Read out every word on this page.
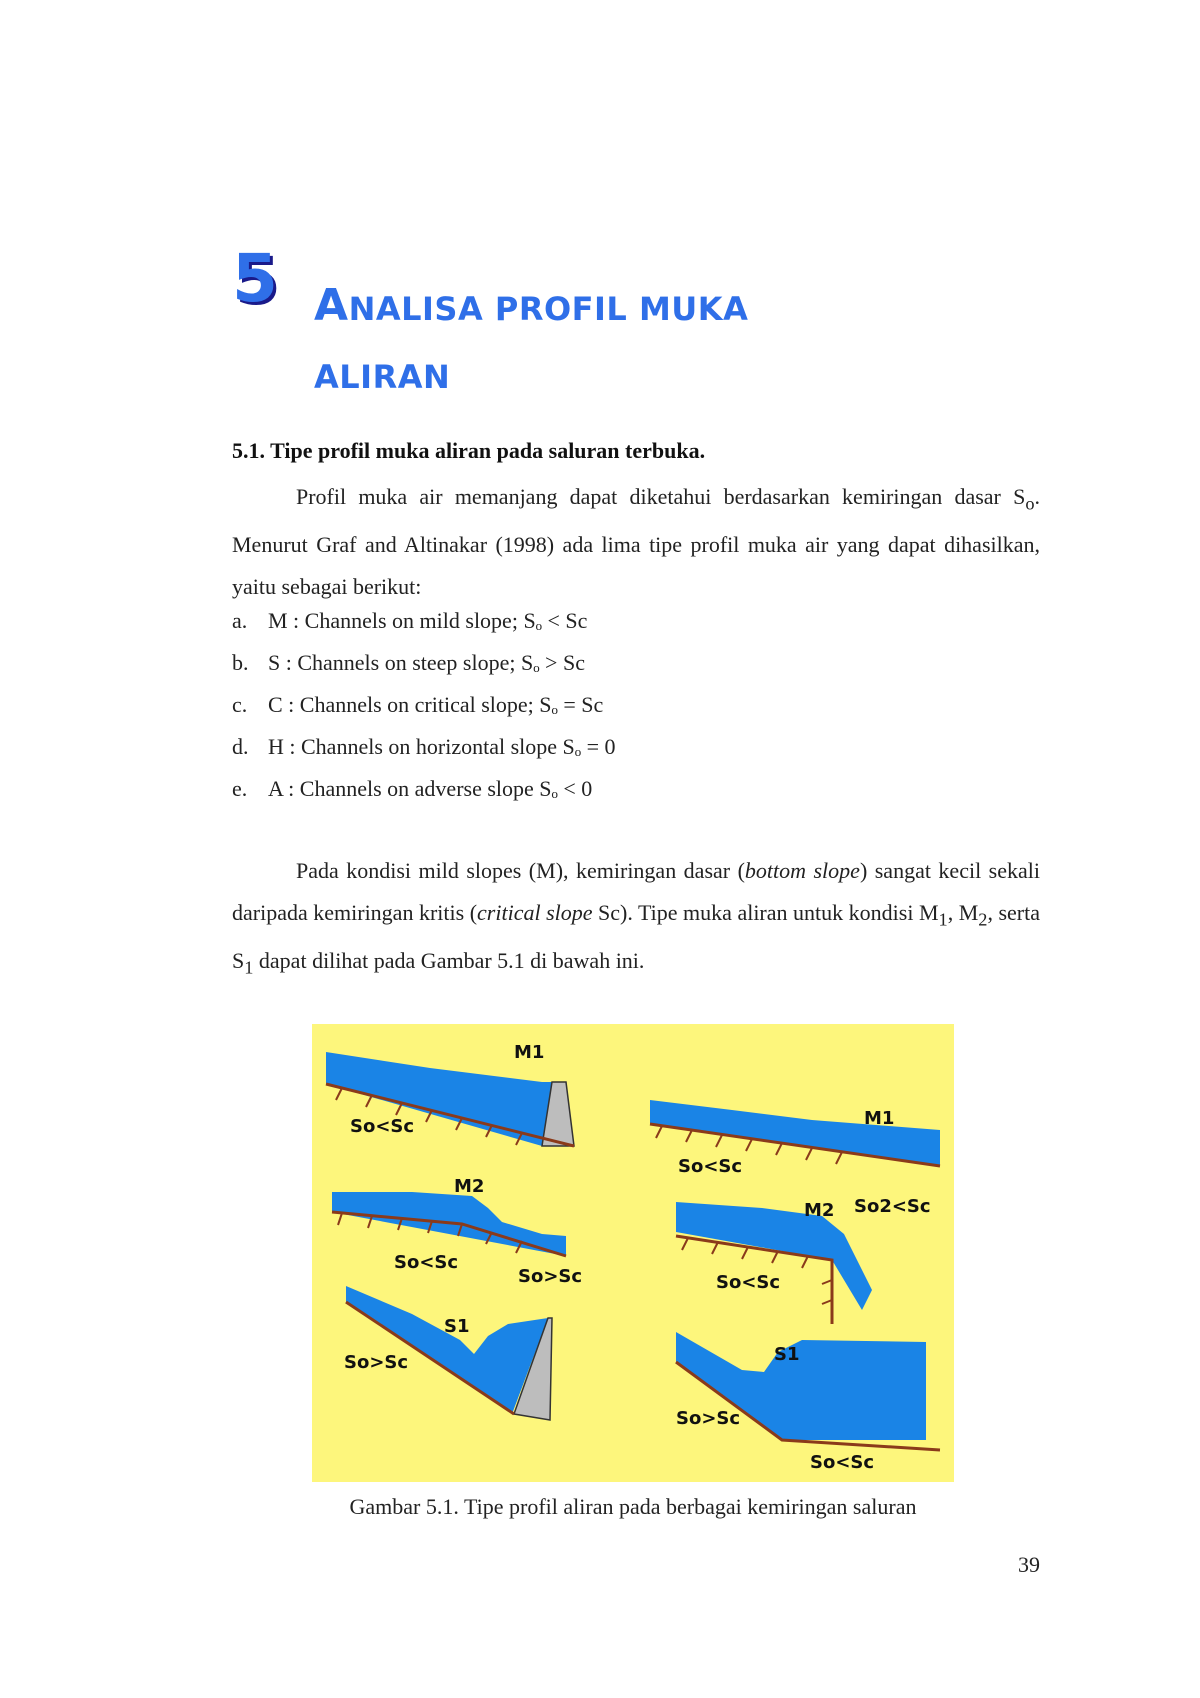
5 ANALISA PROFIL MUKA
ALIRAN
5.1. Tipe profil muka aliran pada saluran terbuka.
Profil muka air memanjang dapat diketahui berdasarkan kemiringan dasar $S_o$. Menurut Graf and Altinakar (1998) ada lima tipe profil muka air yang dapat dihasilkan, yaitu sebagai berikut:
a. M : Channels on mild slope; Sₒ < Sc
b. S : Channels on steep slope; Sₒ > Sc
c. C : Channels on critical slope; Sₒ = Sc
d. H : Channels on horizontal slope Sₒ = 0
e. A : Channels on adverse slope Sₒ < 0
Pada kondisi mild slopes (M), kemiringan dasar (bottom slope) sangat kecil sekali daripada kemiringan kritis (critical slope Sc). Tipe muka aliran untuk kondisi $M_1$, $M_2$, serta $S_1$ dapat dilihat pada Gambar 5.1 di bawah ini.
M1
So<Sc	M1
So<Sc
M2
So<Sc
So>Sc
M2 So2<Sc
So<Sc
S1
So>Sc	S1
So>Sc
So<Sc
Gambar 5.1. Tipe profil aliran pada berbagai kemiringan saluran
39
